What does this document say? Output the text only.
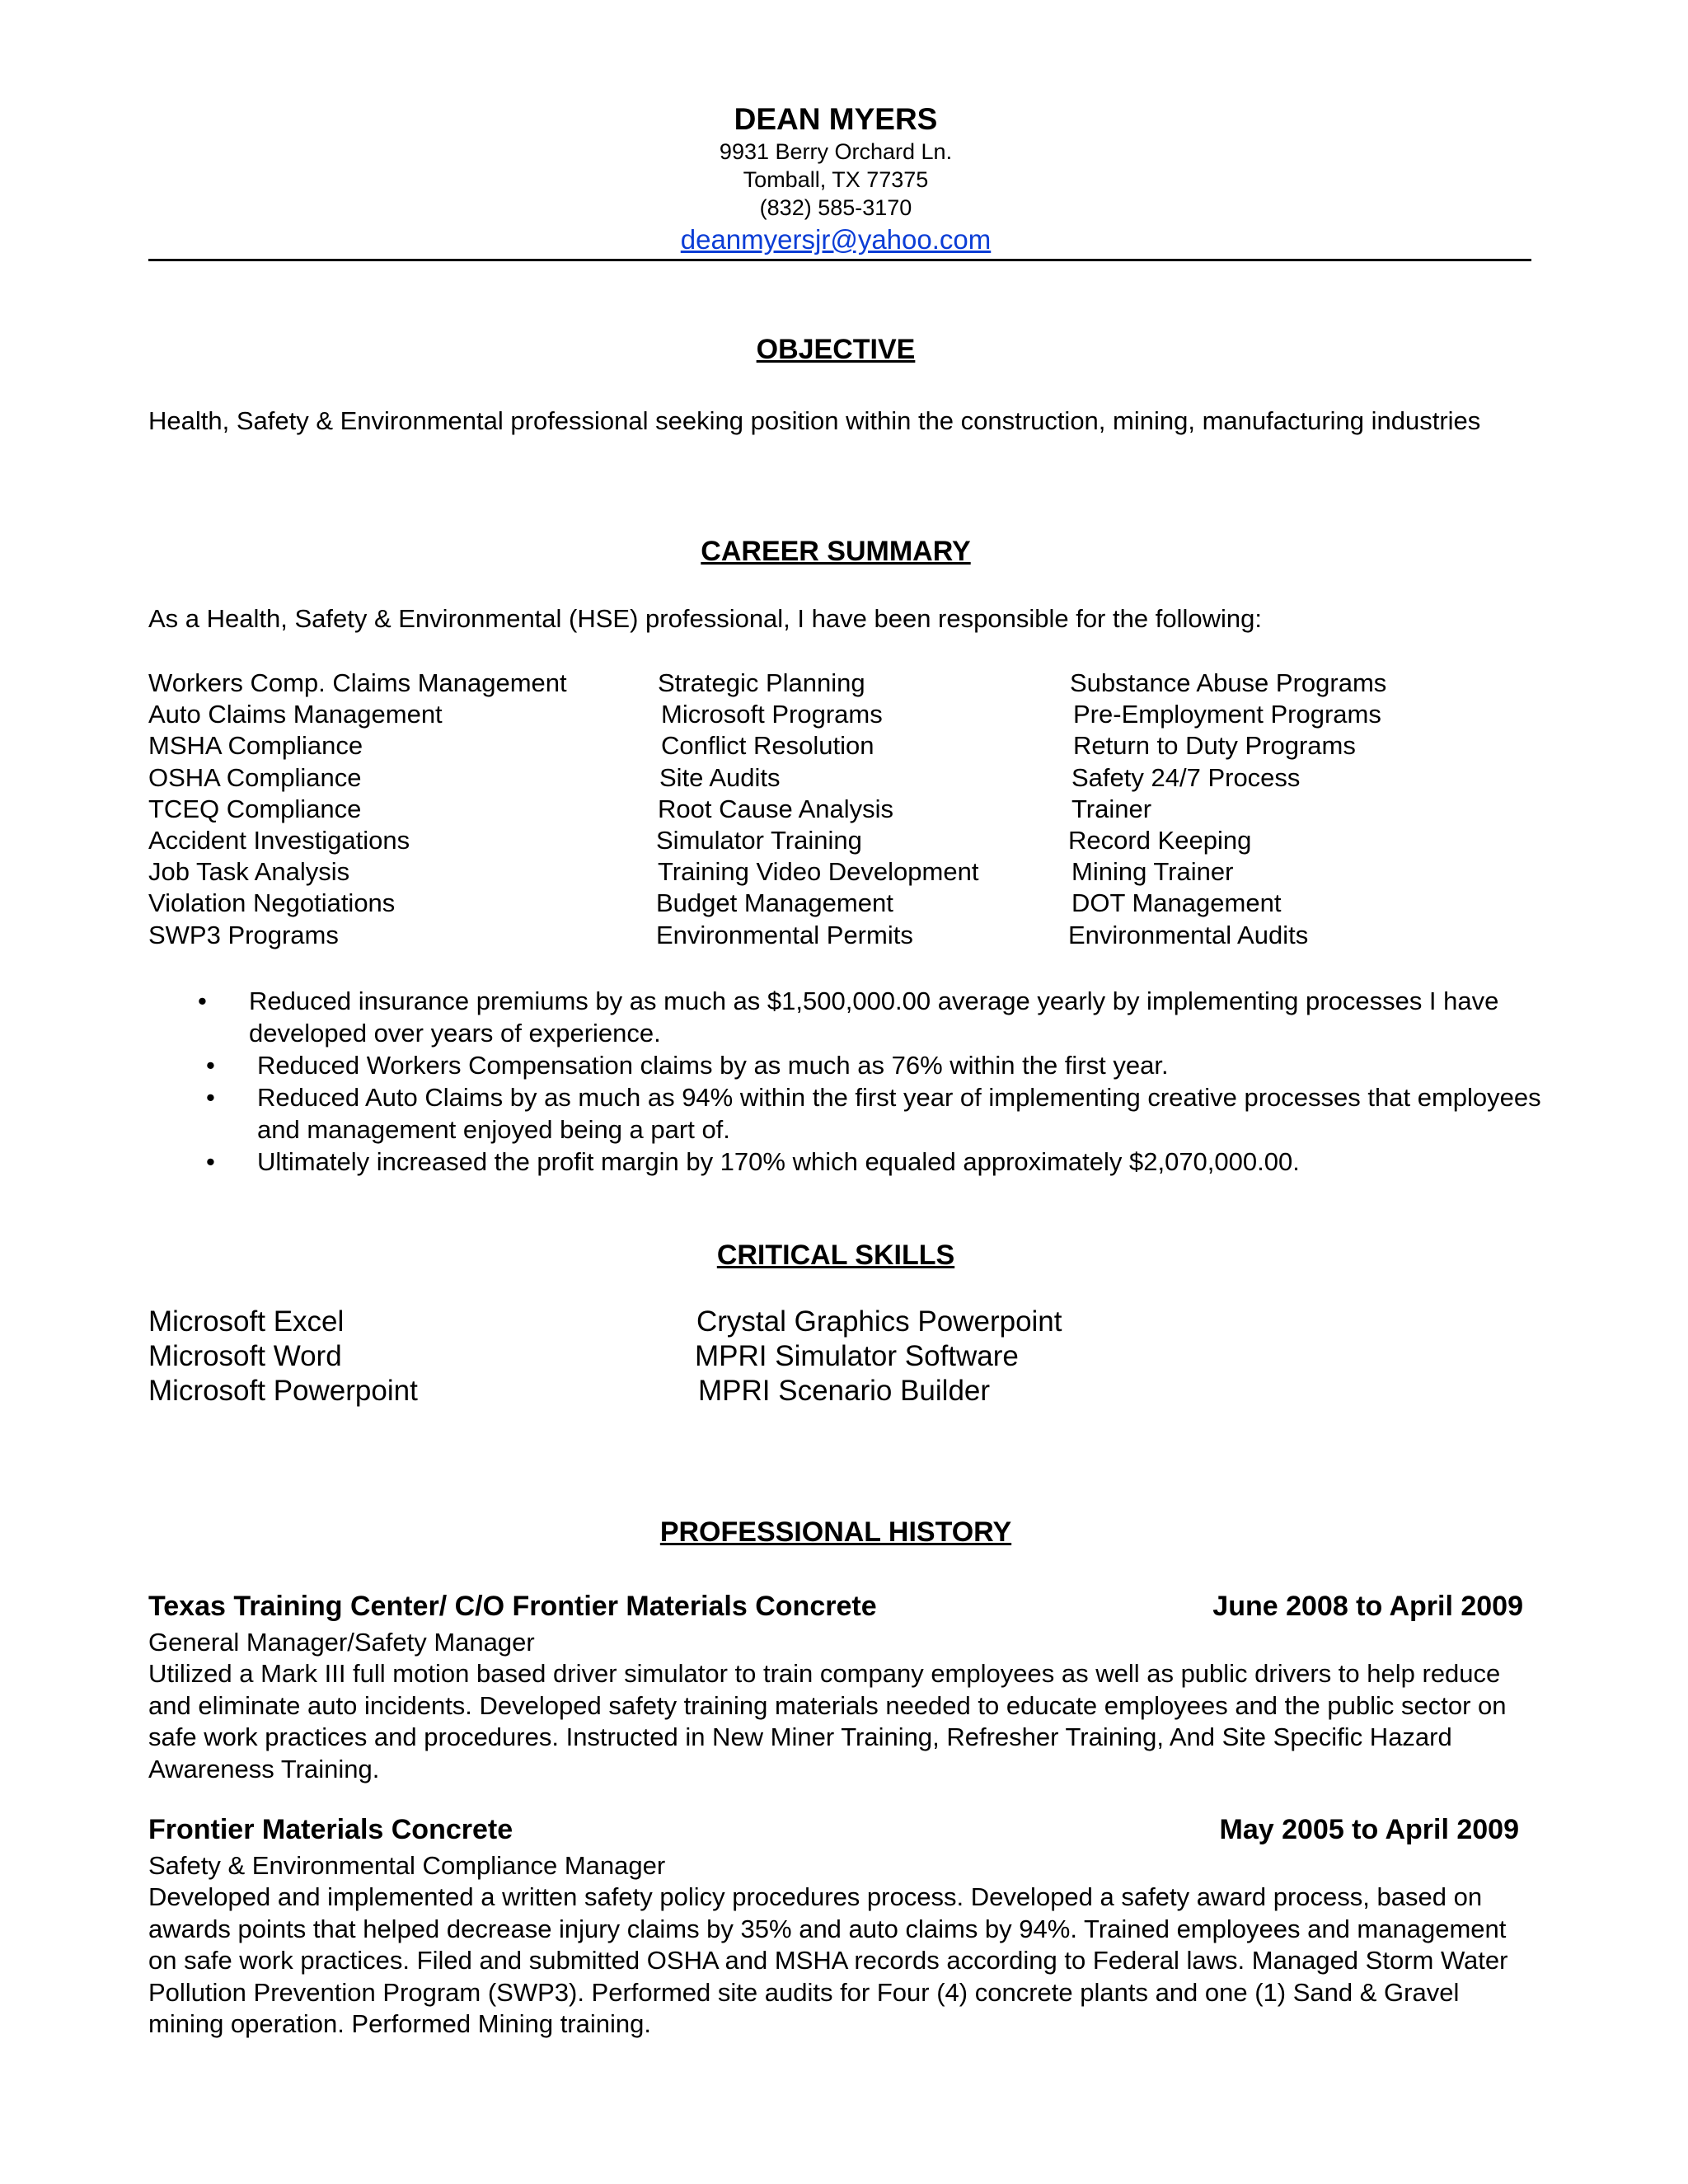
DEAN MYERS
9931 Berry Orchard Ln.
Tomball, TX 77375
(832) 585-3170
deanmyersjr@yahoo.com
OBJECTIVE
Health, Safety & Environmental professional seeking position within the construction, mining, manufacturing industries
CAREER SUMMARY
As a Health, Safety & Environmental (HSE) professional, I have been responsible for the following:
Workers Comp. Claims Management
Auto Claims Management
MSHA Compliance
OSHA Compliance
TCEQ Compliance
Accident Investigations
Job Task Analysis
Violation Negotiations
SWP3 Programs
Strategic Planning
Microsoft Programs
Conflict Resolution
Site Audits
Root Cause Analysis
Simulator Training
Training Video Development
Budget Management
Environmental Permits
Substance Abuse Programs
Pre-Employment Programs
Return to Duty Programs
Safety 24/7 Process
Trainer
Record Keeping
Mining Trainer
DOT Management
Environmental Audits
• Reduced insurance premiums by as much as $1,500,000.00 average yearly by implementing processes I have developed over years of experience.
• Reduced Workers Compensation claims by as much as 76% within the first year.
• Reduced Auto Claims by as much as 94% within the first year of implementing creative processes that employees and management enjoyed being a part of.
• Ultimately increased the profit margin by 170% which equaled approximately $2,070,000.00.
CRITICAL SKILLS
Microsoft Excel
Microsoft Word
Microsoft Powerpoint
Crystal Graphics Powerpoint
MPRI Simulator Software
MPRI Scenario Builder
PROFESSIONAL HISTORY
Texas Training Center/ C/O Frontier Materials Concrete	June 2008 to April 2009
General Manager/Safety Manager
Utilized a Mark III full motion based driver simulator to train company employees as well as public drivers to help reduce and eliminate auto incidents. Developed safety training materials needed to educate employees and the public sector on safe work practices and procedures. Instructed in New Miner Training, Refresher Training, And Site Specific Hazard Awareness Training.
Frontier Materials Concrete	May 2005 to April 2009
Safety & Environmental Compliance Manager
Developed and implemented a written safety policy procedures process. Developed a safety award process, based on awards points that helped decrease injury claims by 35% and auto claims by 94%. Trained employees and management on safe work practices. Filed and submitted OSHA and MSHA records according to Federal laws. Managed Storm Water Pollution Prevention Program (SWP3). Performed site audits for Four (4) concrete plants and one (1) Sand & Gravel mining operation. Performed Mining training.
